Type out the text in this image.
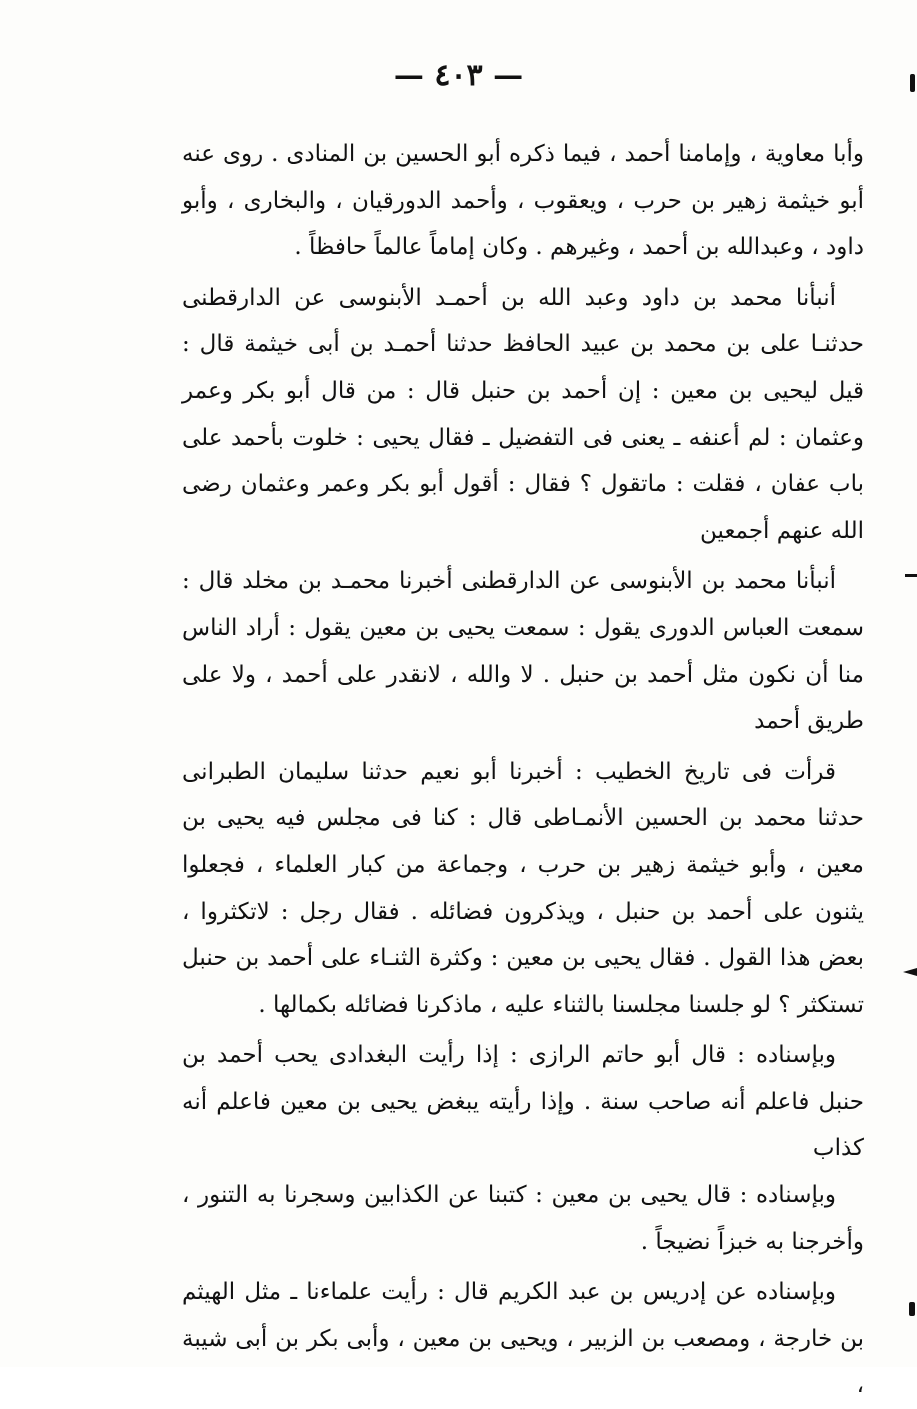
— ٤٠٣ —

وأبا معاوية ، وإمامنا أحمد ، فيما ذكره أبو الحسين بن المنادى . روى عنه أبو خيثمة زهير بن حرب ، ويعقوب ، وأحمد الدورقيان ، والبخارى ، وأبو داود ، وعبدالله بن أحمد ، وغيرهم . وكان إماماً عالماً حافظاً .

أنبأنا محمد بن داود وعبد الله بن أحمـد الأبنوسى عن الدارقطنى حدثنـا على بن محمد بن عبيد الحافظ حدثنا أحمـد بن أبى خيثمة قال : قيل ليحيى بن معين : إن أحمد بن حنبل قال : من قال أبو بكر وعمر وعثمان : لم أعنفه ـ يعنى فى التفضيل ـ فقال يحيى : خلوت بأحمد على باب عفان ، فقلت : ماتقول ؟ فقال : أقول أبو بكر وعمر وعثمان رضى الله عنهم أجمعين

أنبأنا محمد بن الأبنوسى عن الدارقطنى أخبرنا محمـد بن مخلد قال : سمعت العباس الدورى يقول : سمعت يحيى بن معين يقول : أراد الناس منا أن نكون مثل أحمد بن حنبل . لا والله ، لانقدر على أحمد ، ولا على طريق أحمد

قرأت فى تاريخ الخطيب : أخبرنا أبو نعيم حدثنا سليمان الطبرانى حدثنا محمد بن الحسين الأنمـاطى قال : كنا فى مجلس فيه يحيى بن معين ، وأبو خيثمة زهير بن حرب ، وجماعة من كبار العلماء ، فجعلوا يثنون على أحمد بن حنبل ، ويذكرون فضائله . فقال رجل : لاتكثروا ، بعض هذا القول . فقال يحيى بن معين : وكثرة الثنـاء على أحمد بن حنبل تستكثر ؟ لو جلسنا مجلسنا بالثناء عليه ، ماذكرنا فضائله بكمالها .

وبإسناده : قال أبو حاتم الرازى : إذا رأيت البغدادى يحب أحمد بن حنبل فاعلم أنه صاحب سنة . وإذا رأيته يبغض يحيى بن معين فاعلم أنه كذاب

وبإسناده : قال يحيى بن معين : كتبنا عن الكذابين وسجرنا به التنور ، وأخرجنا به خبزاً نضيجاً .

وبإسناده عن إدريس بن عبد الكريم قال : رأيت علماءنا ـ مثل الهيثم بن خارجة ، ومصعب بن الزبير ، ويحيى بن معين ، وأبى بكر بن أبى شيبة ،
